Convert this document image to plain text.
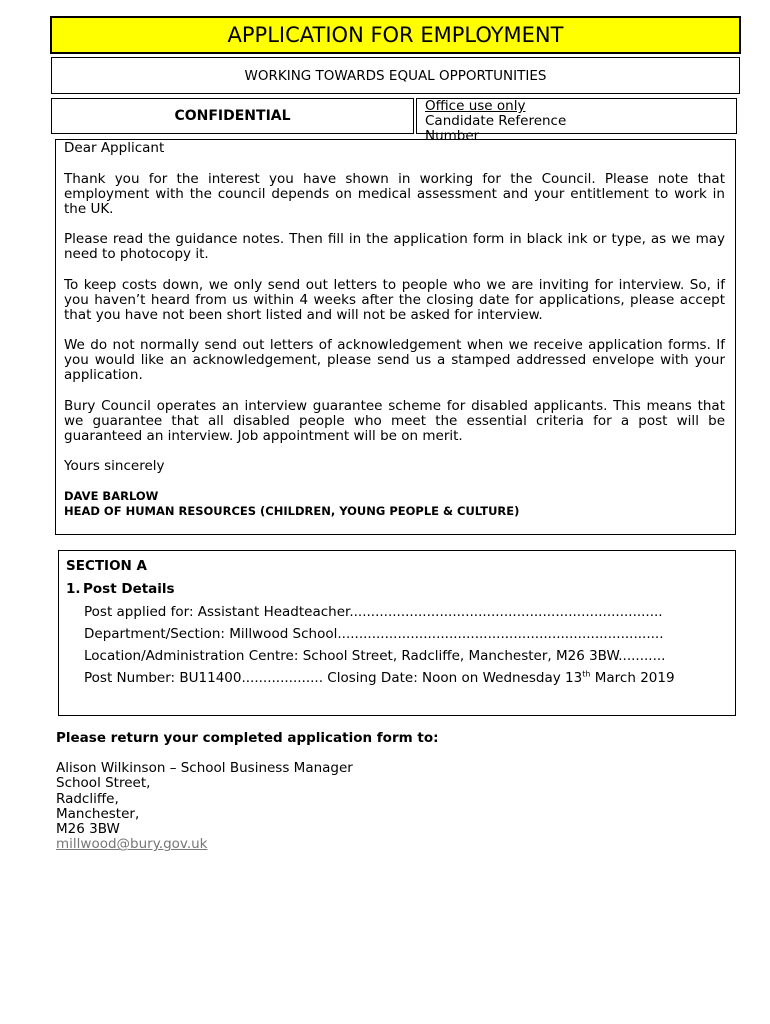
APPLICATION FOR EMPLOYMENT
WORKING TOWARDS EQUAL OPPORTUNITIES
CONFIDENTIAL
Office use only
Candidate Reference
Number

Dear Applicant

Thank you for the interest you have shown in working for the Council. Please note that employment with the council depends on medical assessment and your entitlement to work in the UK.

Please read the guidance notes. Then fill in the application form in black ink or type, as we may need to photocopy it.

To keep costs down, we only send out letters to people who we are inviting for interview. So, if you haven’t heard from us within 4 weeks after the closing date for applications, please accept that you have not been short listed and will not be asked for interview.

We do not normally send out letters of acknowledgement when we receive application forms. If you would like an acknowledgement, please send us a stamped addressed envelope with your application.

Bury Council operates an interview guarantee scheme for disabled applicants. This means that we guarantee that all disabled people who meet the essential criteria for a post will be guaranteed an interview. Job appointment will be on merit.

Yours sincerely

DAVE BARLOW

HEAD OF HUMAN RESOURCES (CHILDREN, YOUNG PEOPLE & CULTURE)

SECTION A
1. Post Details
Post applied for: Assistant Headteacher.........................................................................
Department/Section: Millwood School............................................................................
Location/Administration Centre: School Street, Radcliffe, Manchester, M26 3BW...........
Post Number: BU11400................... Closing Date: Noon on Wednesday 13th March 2019
Please return your completed application form to:
Alison Wilkinson – School Business Manager
School Street,
Radcliffe,
Manchester,
M26 3BW
millwood@bury.gov.uk
